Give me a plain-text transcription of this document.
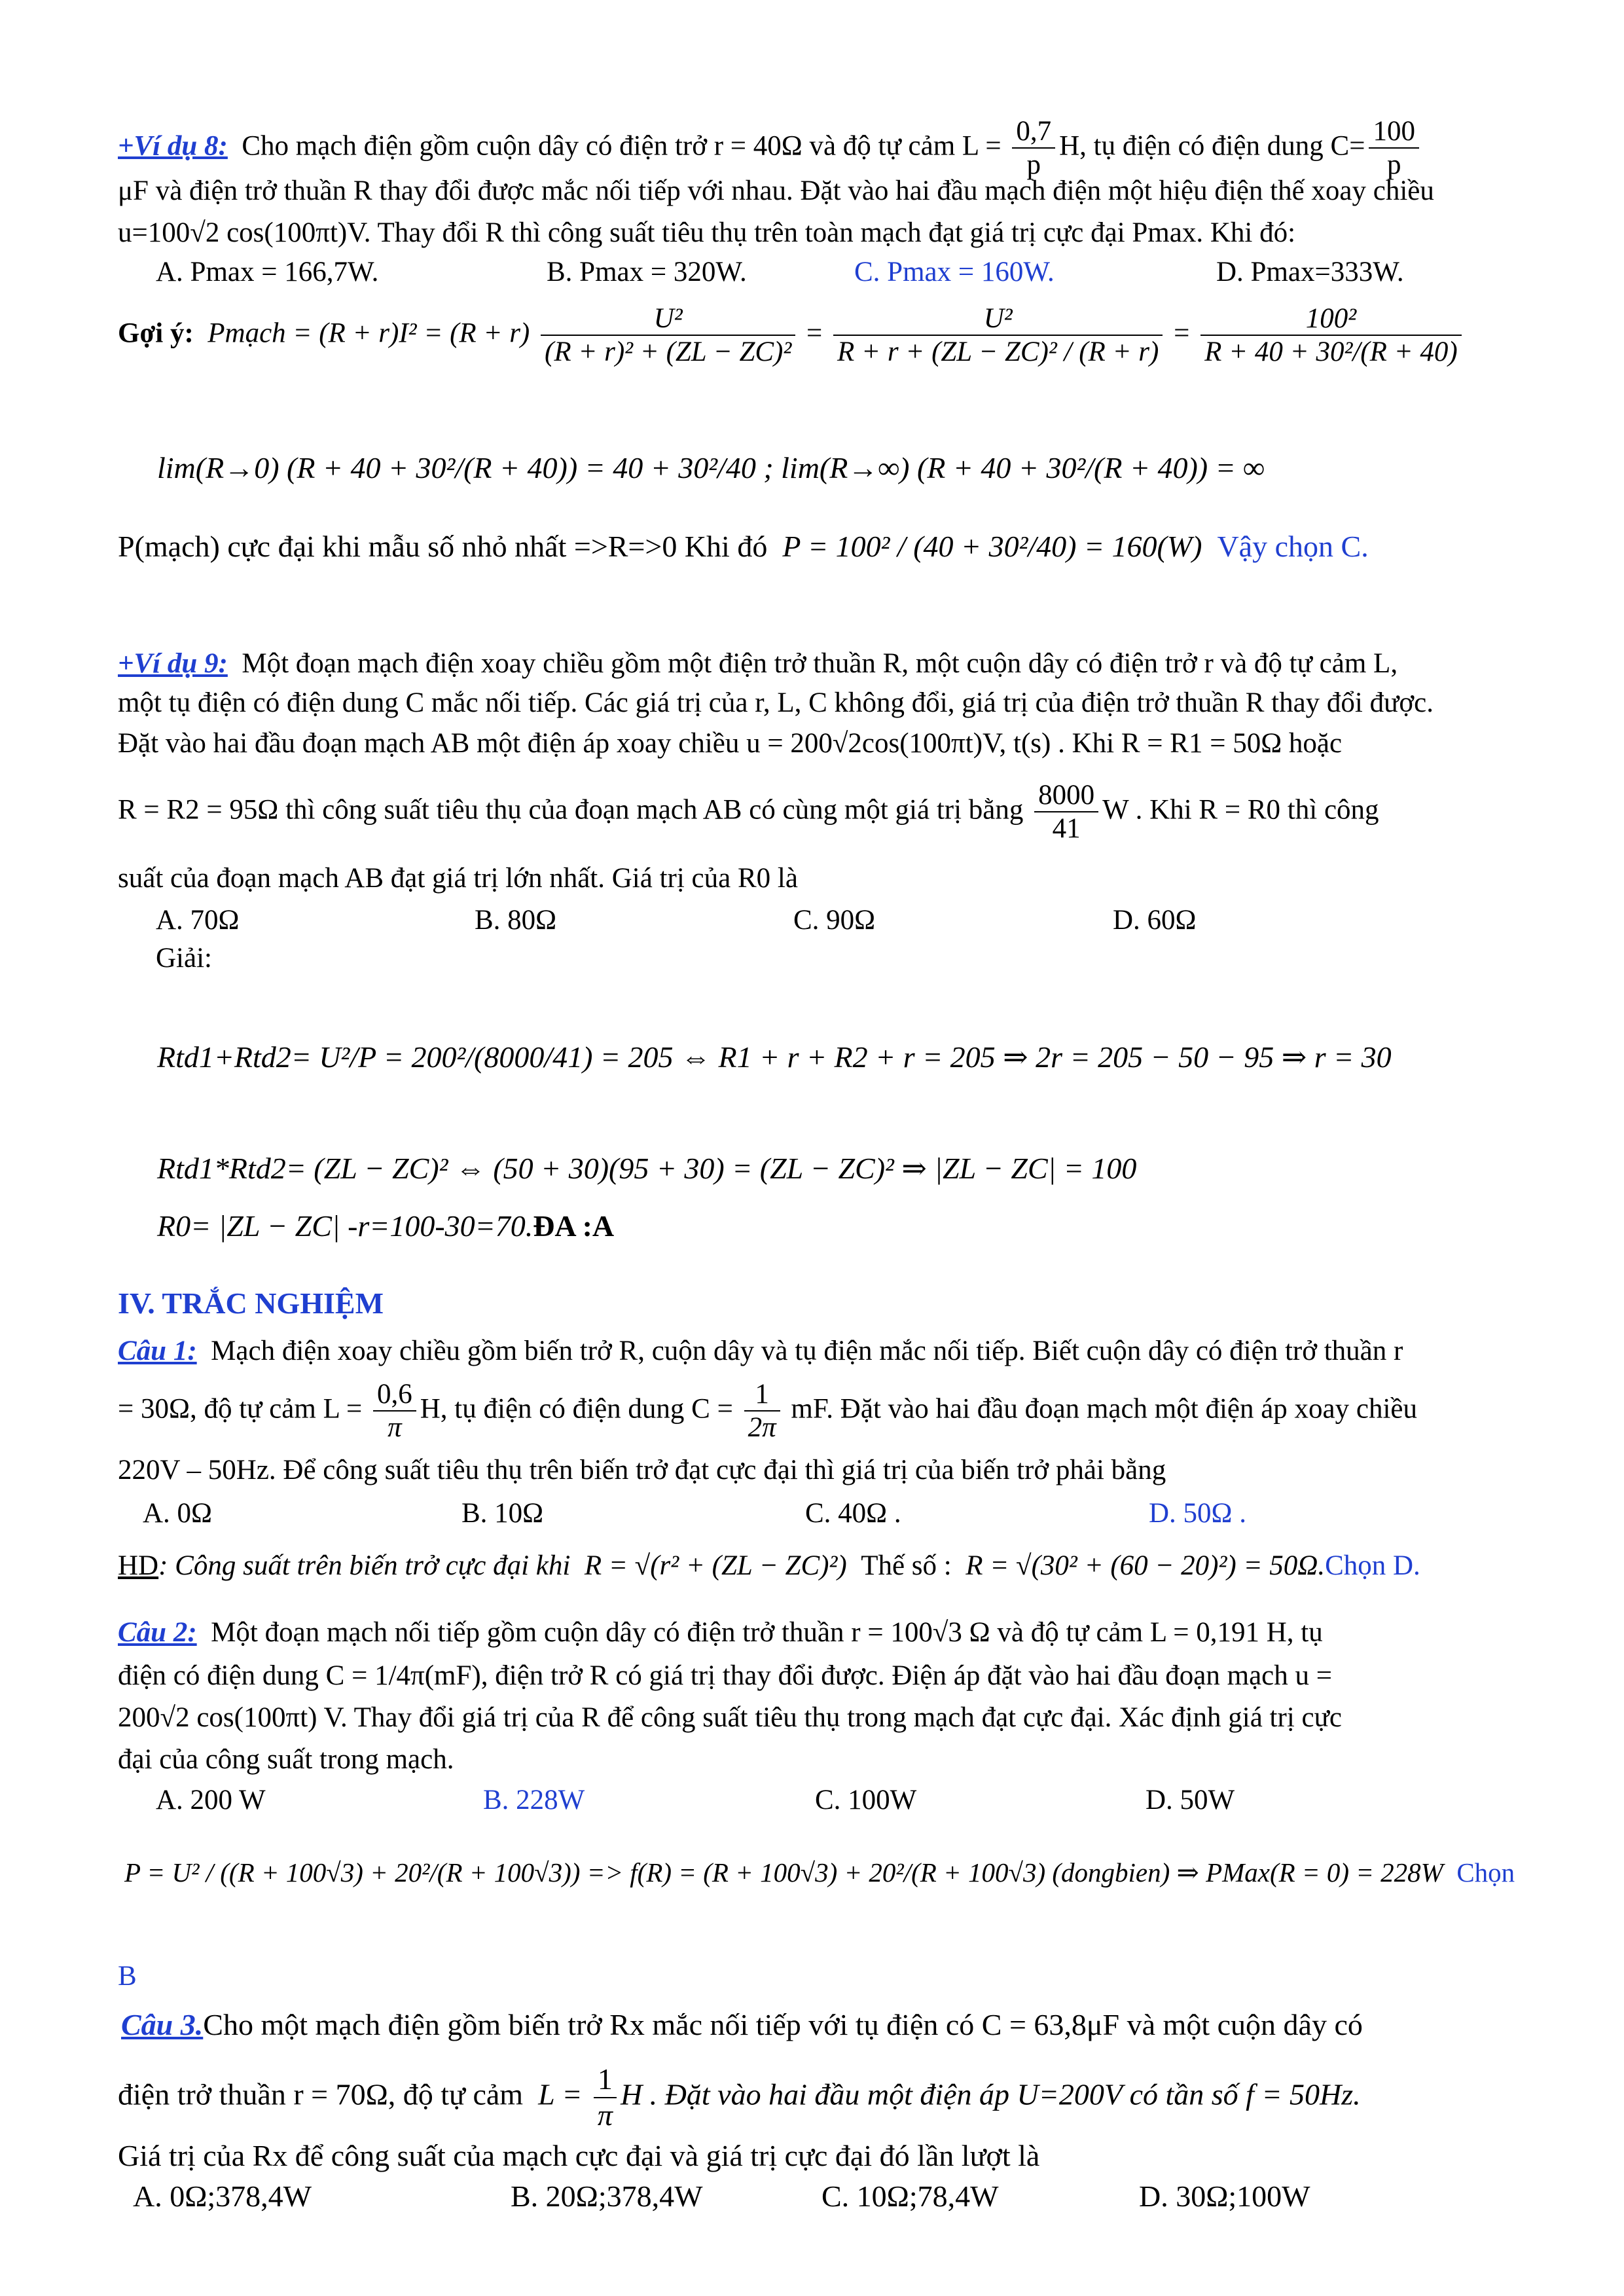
+Ví dụ 8: Cho mạch điện gồm cuộn dây có điện trở r = 40Ω và độ tự cảm $L = \frac{0,7}{p} H$, tụ điện có điện dung $C= \frac{100}{p}$
μF và điện trở thuần R thay đổi được mắc nối tiếp với nhau. Đặt vào hai đầu mạch điện một hiệu điện thế xoay chiều
u=100√2 cos(100πt)V. Thay đổi R thì công suất tiêu thụ trên toàn mạch đạt giá trị cực đại Pmax. Khi đó:
A. Pmax = 166,7W.	B. Pmax = 320W.	C. Pmax = 160W.	D. Pmax=333W.
Gợi ý: Pmạch = $(R + r)I^2 = (R + r) \frac{\text{U²}}{\text{(R + r)² + (ZL − ZC)²}} = \frac{\text{U²}}{\text{R + r + (ZL − ZC)² / (R + r)}} = \frac{\text{100²}}{\text{R + 40 + 30²/(R + 40)}}$
lim(R→0) (R + 40 + 30²/(R + 40)) = 40 + 30²/40 ; lim(R→∞) (R + 40 + 30²/(R + 40)) = ∞
P(mạch) cực đại khi mẫu số nhỏ nhất =>R=>0 Khi đó P = 100² / (40 + 30²/40) = 160(W) Vậy chọn C.
+Ví dụ 9: Một đoạn mạch điện xoay chiều gồm một điện trở thuần R, một cuộn dây có điện trở r và độ tự cảm L,
một tụ điện có điện dung C mắc nối tiếp. Các giá trị của r, L, C không đổi, giá trị của điện trở thuần R thay đổi được.
Đặt vào hai đầu đoạn mạch AB một điện áp xoay chiều u = 200√2cos(100πt)V, t(s) . Khi R = R1 = 50Ω hoặc
R = R2 = 95Ω thì công suất tiêu thụ của đoạn mạch AB có cùng một giá trị bằng $\frac{8000}{41}$ W . Khi R = R0 thì công
suất của đoạn mạch AB đạt giá trị lớn nhất. Giá trị của R0 là
A. 70Ω	B. 80Ω	C. 90Ω	D. 60Ω
Giải:
Rtd1+Rtd2= U²/P = 200²/(8000/41) = 205 ⇔ R1 + r + R2 + r = 205 ⇒ 2r = 205 − 50 − 95 ⇒ r = 30
Rtd1*Rtd2= (ZL − ZC)² ⇔ (50 + 30)(95 + 30) = (ZL − ZC)² ⇒ |ZL − ZC| = 100
R0= |ZL − ZC| -r=100-30=70.ĐA :A
IV. TRẮC NGHIỆM
Câu 1: Mạch điện xoay chiều gồm biến trở R, cuộn dây và tụ điện mắc nối tiếp. Biết cuộn dây có điện trở thuần r
= 30Ω, độ tự cảm $L = \frac{0,6}{\pi} H$, tụ điện có điện dung $C = \frac{1}{2\pi}$ mF. Đặt vào hai đầu đoạn mạch một điện áp xoay chiều
220V – 50Hz. Để công suất tiêu thụ trên biến trở đạt cực đại thì giá trị của biến trở phải bằng
A. 0Ω	B. 10Ω	C. 40Ω .	D. 50Ω .
HD: Công suất trên biến trở cực đại khi R = √(r² + (ZL − ZC)²) Thế số : R = √(30² + (60 − 20)²) = 50Ω.Chọn D.
Câu 2: Một đoạn mạch nối tiếp gồm cuộn dây có điện trở thuần r = 100√3 Ω và độ tự cảm L = 0,191 H, tụ
điện có điện dung C = 1/4π(mF), điện trở R có giá trị thay đổi được. Điện áp đặt vào hai đầu đoạn mạch u =
200√2 cos(100πt) V. Thay đổi giá trị của R để công suất tiêu thụ trong mạch đạt cực đại. Xác định giá trị cực
đại của công suất trong mạch.
A. 200 W	B. 228W	C. 100W	D. 50W
P = U² / ((R + 100√3) + 20²/(R + 100√3)) => f(R) = (R + 100√3) + 20²/(R + 100√3) (dongbien) ⇒ PMax(R = 0) = 228W Chọn
B
Câu 3.Cho một mạch điện gồm biến trở Rx mắc nối tiếp với tụ điện có C = 63,8μF và một cuộn dây có
điện trở thuần r = 70Ω, độ tự cảm $L = \frac{1}{\pi}$ H . Đặt vào hai đầu một điện áp U=200V có tần số f = 50Hz.
Giá trị của Rx để công suất của mạch cực đại và giá trị cực đại đó lần lượt là
A. 0Ω;378,4W	B. 20Ω;378,4W	C. 10Ω;78,4W	D. 30Ω;100W
